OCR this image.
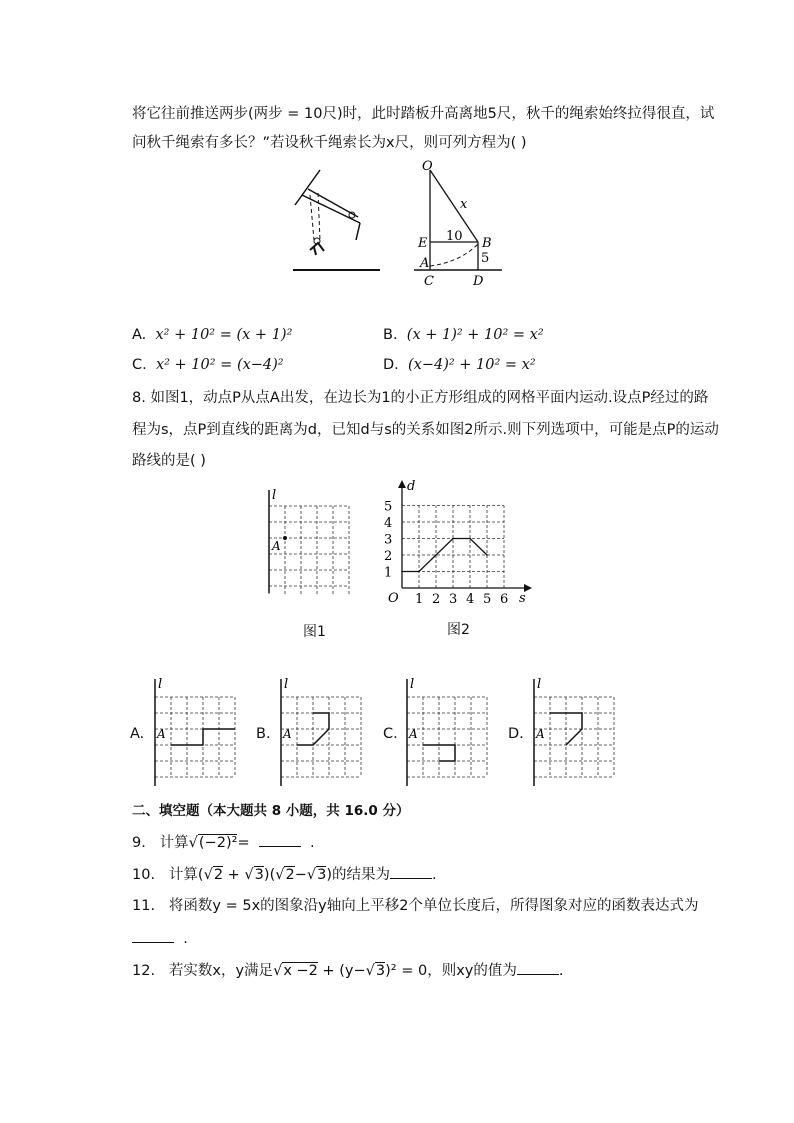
将它往前推送两步(两步 = 10尺)时，此时踏板升高离地5尺，秋千的绳索始终拉得很直，试
问秋千绳索有多长？”若设秋千绳索长为x尺，则可列方程为( )
O
x
E	B
10
A	5
C	D
A. x² + 10² = (x + 1)²	B. (x + 1)² + 10² = x²
C. x² + 10² = (x−4)²	D. (x−4)² + 10² = x²
8. 如图1，动点P从点A出发，在边长为1的小正方形组成的网格平面内运动.设点P经过的路
程为s，点P到直线的距离为d，已知d与s的关系如图2所示.则下列选项中，可能是点P的运动
路线的是( )
l
A
图1
d
s
O
1
2
3
4
5
1 2 3 4 5 6
图2
A.
l
A	B.
l
A	C.
l
A	D.
l
A
二、填空题（本大题共 8 小题，共 16.0 分）
9. 计算√(−2)²=	.
10. 计算(√2 + √3)(√2−√3)的结果为	.
11. 将函数y = 5x的图象沿y轴向上平移2个单位长度后，所得图象对应的函数表达式为
.
12. 若实数x，y满足√x −2 + (y−√3)² = 0，则xy的值为	.
